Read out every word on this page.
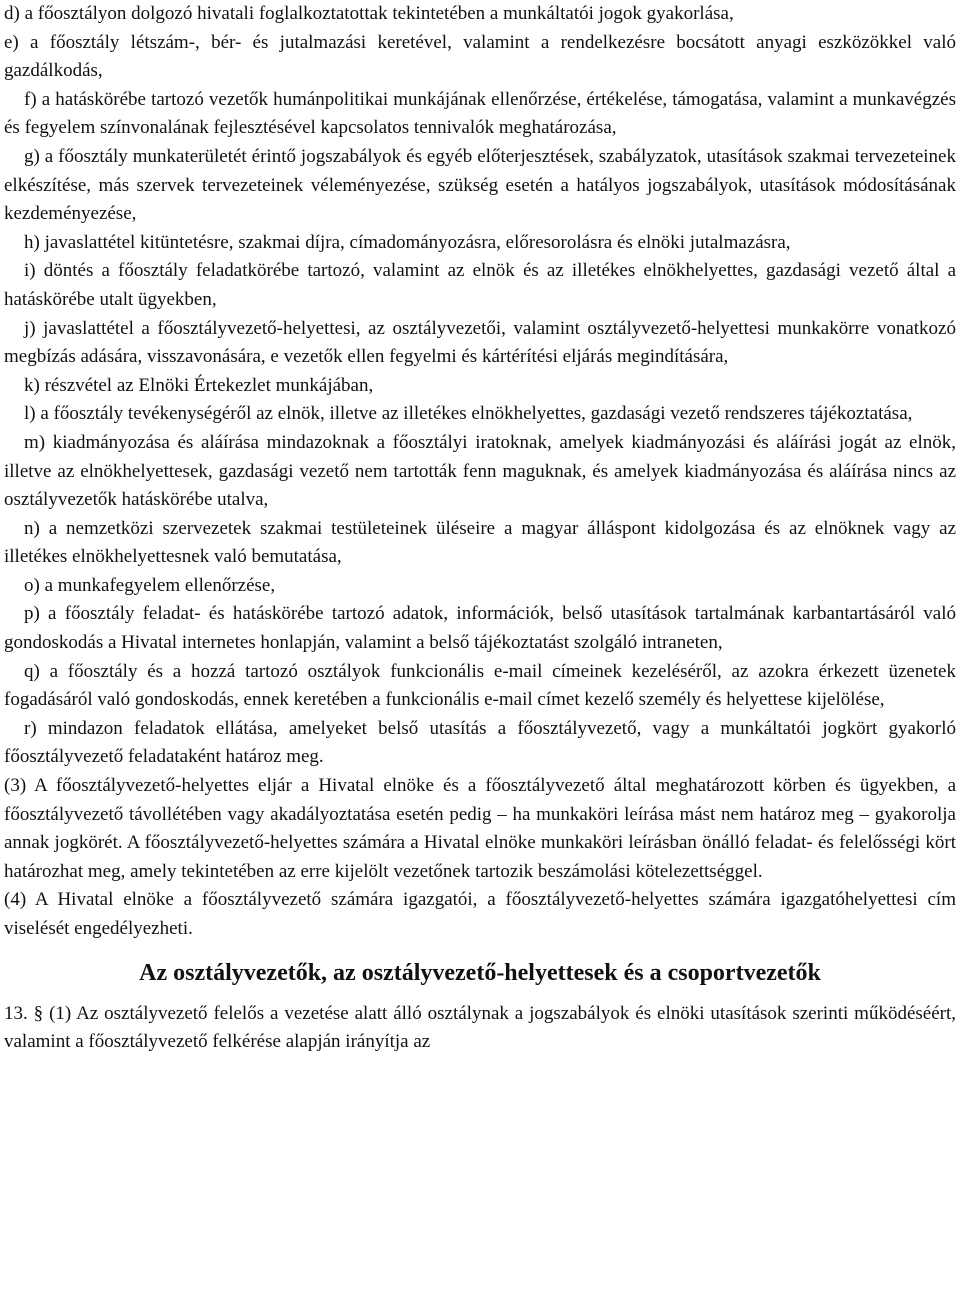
d) a főosztályon dolgozó hivatali foglalkoztatottak tekintetében a munkáltatói jogok gyakorlása,

e) a főosztály létszám-, bér- és jutalmazási keretével, valamint a rendelkezésre bocsátott anyagi eszközökkel való gazdálkodás,

f) a hatáskörébe tartozó vezetők humánpolitikai munkájának ellenőrzése, értékelése, támogatása, valamint a munkavégzés és fegyelem színvonalának fejlesztésével kapcsolatos tennivalók meghatározása,

g) a főosztály munkaterületét érintő jogszabályok és egyéb előterjesztések, szabályzatok, utasítások szakmai tervezeteinek elkészítése, más szervek tervezeteinek véleményezése, szükség esetén a hatályos jogszabályok, utasítások módosításának kezdeményezése,

h) javaslattétel kitüntetésre, szakmai díjra, címadományozásra, előresorolásra és elnöki jutalmazásra,

i) döntés a főosztály feladatkörébe tartozó, valamint az elnök és az illetékes elnökhelyettes, gazdasági vezető által a hatáskörébe utalt ügyekben,

j) javaslattétel a főosztályvezető-helyettesi, az osztályvezetői, valamint osztályvezető-helyettesi munkakörre vonatkozó megbízás adására, visszavonására, e vezetők ellen fegyelmi és kártérítési eljárás megindítására,

k) részvétel az Elnöki Értekezlet munkájában,

l) a főosztály tevékenységéről az elnök, illetve az illetékes elnökhelyettes, gazdasági vezető rendszeres tájékoztatása,

m) kiadmányozása és aláírása mindazoknak a főosztályi iratoknak, amelyek kiadmányozási és aláírási jogát az elnök, illetve az elnökhelyettesek, gazdasági vezető nem tartották fenn maguknak, és amelyek kiadmányozása és aláírása nincs az osztályvezetők hatáskörébe utalva,

n) a nemzetközi szervezetek szakmai testületeinek üléseire a magyar álláspont kidolgozása és az elnöknek vagy az illetékes elnökhelyettesnek való bemutatása,

o) a munkafegyelem ellenőrzése,

p) a főosztály feladat- és hatáskörébe tartozó adatok, információk, belső utasítások tartalmának karbantartásáról való gondoskodás a Hivatal internetes honlapján, valamint a belső tájékoztatást szolgáló intraneten,

q) a főosztály és a hozzá tartozó osztályok funkcionális e-mail címeinek kezeléséről, az azokra érkezett üzenetek fogadásáról való gondoskodás, ennek keretében a funkcionális e-mail címet kezelő személy és helyettese kijelölése,

r) mindazon feladatok ellátása, amelyeket belső utasítás a főosztályvezető, vagy a munkáltatói jogkört gyakorló főosztályvezető feladataként határoz meg.

(3) A főosztályvezető-helyettes eljár a Hivatal elnöke és a főosztályvezető által meghatározott körben és ügyekben, a főosztályvezető távollétében vagy akadályoztatása esetén pedig – ha munkaköri leírása mást nem határoz meg – gyakorolja annak jogkörét. A főosztályvezető-helyettes számára a Hivatal elnöke munkaköri leírásban önálló feladat- és felelősségi kört határozhat meg, amely tekintetében az erre kijelölt vezetőnek tartozik beszámolási kötelezettséggel.

(4) A Hivatal elnöke a főosztályvezető számára igazgatói, a főosztályvezető-helyettes számára igazgatóhelyettesi cím viselését engedélyezheti.

Az osztályvezetők, az osztályvezető-helyettesek és a csoportvezetők

13. § (1) Az osztályvezető felelős a vezetése alatt álló osztálynak a jogszabályok és elnöki utasítások szerinti működéséért, valamint a főosztályvezető felkérése alapján irányítja az
